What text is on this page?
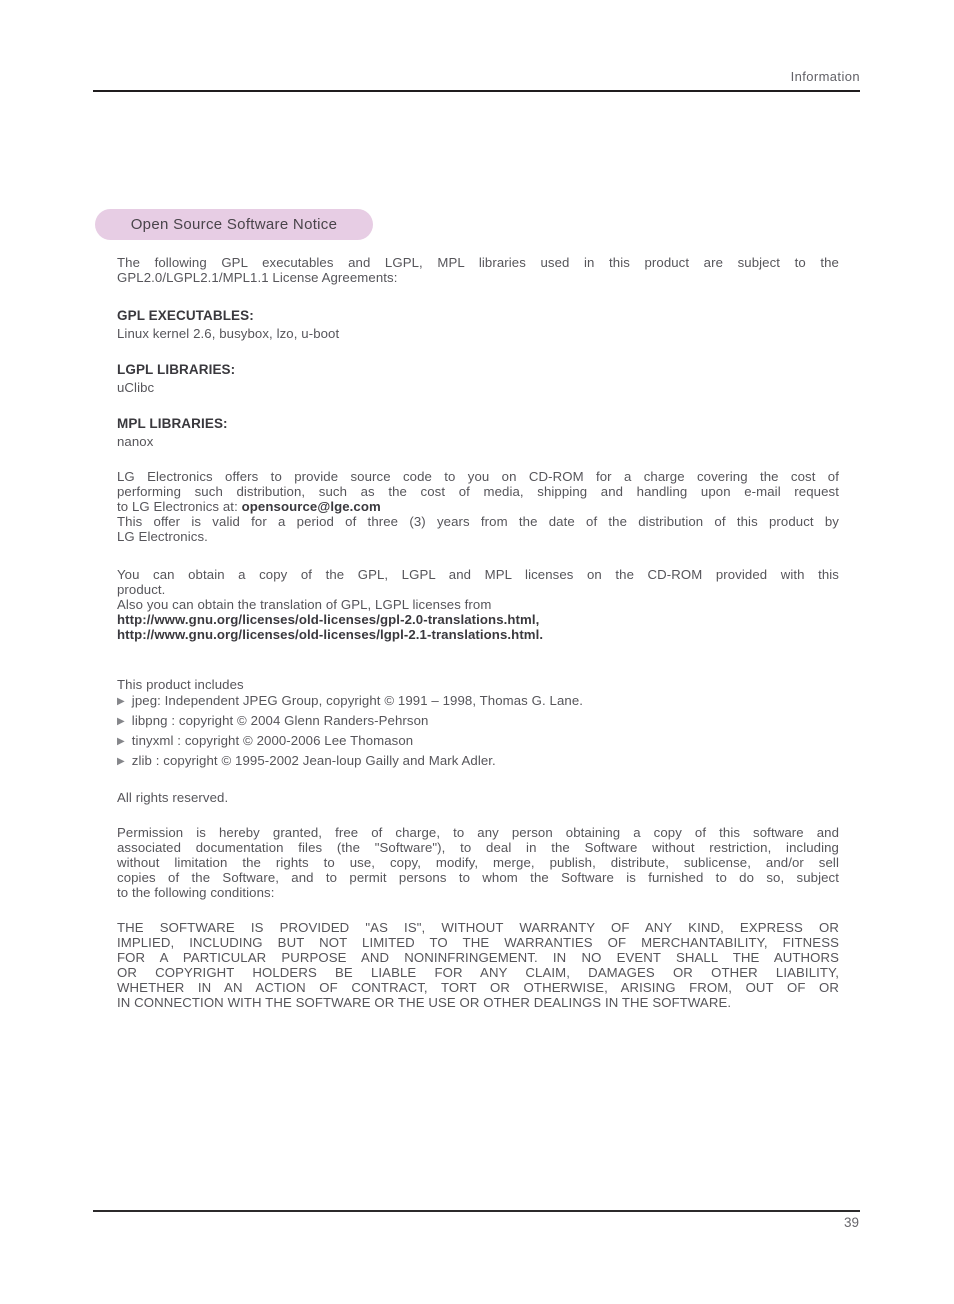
Information
Open Source Software Notice
The following GPL executables and LGPL, MPL libraries used in this product are subject to the
GPL2.0/LGPL2.1/MPL1.1 License Agreements:
GPL EXECUTABLES:
Linux kernel 2.6, busybox, lzo, u-boot
LGPL LIBRARIES:
uClibc
MPL LIBRARIES:
nanox
LG Electronics offers to provide source code to you on CD-ROM for a charge covering the cost of
performing such distribution, such as the cost of media, shipping and handling upon e-mail request
to LG Electronics at: opensource@lge.com
This offer is valid for a period of three (3) years from the date of the distribution of this product by
LG Electronics.
You can obtain a copy of the GPL, LGPL and MPL licenses on the CD-ROM provided with this
product.
Also you can obtain the translation of GPL, LGPL licenses from
http://www.gnu.org/licenses/old-licenses/gpl-2.0-translations.html,
http://www.gnu.org/licenses/old-licenses/lgpl-2.1-translations.html.
This product includes
▶ jpeg: Independent JPEG Group, copyright © 1991 – 1998, Thomas G. Lane.
▶ libpng : copyright © 2004 Glenn Randers-Pehrson
▶ tinyxml : copyright © 2000-2006 Lee Thomason
▶ zlib : copyright © 1995-2002 Jean-loup Gailly and Mark Adler.
All rights reserved.
Permission is hereby granted, free of charge, to any person obtaining a copy of this software and
associated documentation files (the "Software"), to deal in the Software without restriction, including
without limitation the rights to use, copy, modify, merge, publish, distribute, sublicense, and/or sell
copies of the Software, and to permit persons to whom the Software is furnished to do so, subject
to the following conditions:
THE SOFTWARE IS PROVIDED "AS IS", WITHOUT WARRANTY OF ANY KIND, EXPRESS OR
IMPLIED, INCLUDING BUT NOT LIMITED TO THE WARRANTIES OF MERCHANTABILITY, FITNESS
FOR A PARTICULAR PURPOSE AND NONINFRINGEMENT. IN NO EVENT SHALL THE AUTHORS
OR COPYRIGHT HOLDERS BE LIABLE FOR ANY CLAIM, DAMAGES OR OTHER LIABILITY,
WHETHER IN AN ACTION OF CONTRACT, TORT OR OTHERWISE, ARISING FROM, OUT OF OR
IN CONNECTION WITH THE SOFTWARE OR THE USE OR OTHER DEALINGS IN THE SOFTWARE.
39
